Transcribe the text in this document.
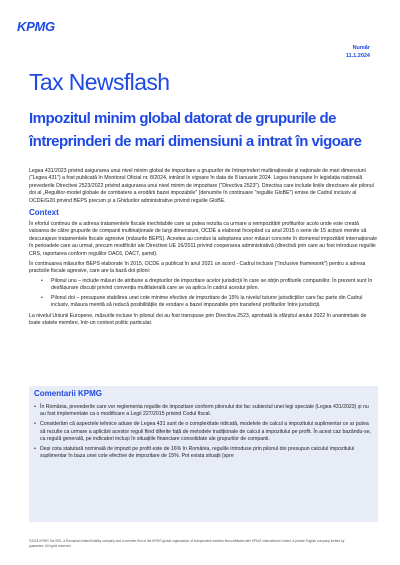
KPMG
Număr
11.1.2024
Tax Newsflash
Impozitul minim global datorat de grupurile de întreprinderi de mari dimensiuni a intrat în vigoare

Legea 431/2023 privind asigurarea unui nivel minim global de impozitare a grupurilor de întreprinderi multinaționale și naționale de mari dimensiuni ("Legea 431") a fost publicată în Monitorul Oficial nr. 8/2024, intrând în vigoare în data de 8 ianuarie 2024. Legea transpune în legislația națională prevederile Directivei 2523/2022 privind asigurarea unui nivel minim de impozitare ("Directiva 2523"). Directiva care include liniile directoare ale pilonul doi al „Regulilor-model globale de combatere a erodării bazei impozabile" (denumite în continuare "regulile GloBE") emise de Cadrul inclusiv al OCDE/G20 privind BEPS precum și a Ghidurilor administrative privind regulile GloBE.

Context

În efortul continuu de a adresa tratamentele fiscale inechitabile care ar putea rezulta ca urmare a reimpozitării profiturilor acolo unde este creată valoarea de către grupurile de companii multinaționale de largi dimensiuni, OCDE a elaborat începând cu anul 2015 o serie de 15 acțiuni menite să descurajeze tratamentele fiscale agresive (măsurile BEPS). Acestea au condus la adoptarea unor măsuri concrete în domeniul impozitării internaționale în perioadele care au urmat, precum modificări ale Directivei UE 16/2011 privind cooperarea administrativă (directivă prin care au fost introduse regulile CRS, raportarea conform regulilor DAC6, DAC7, șamd).

În continuarea măsurilor BEPS elaborate în 2015, OCDE a publicat în anul 2021 un acord - Cadrul inclusiv ("Inclusive framework") pentru a adresa practicile fiscale agresive, care are la bază doi piloni:

• Pilonul unu – include măsuri de atribuire a drepturilor de impozitare acelor jurisdicții în care se obțin profiturile companiilor. În prezent sunt în desfășurare discuții privind convenția multilaterală care se va aplica în cadrul acestui pilon.
• Pilonul doi – presupune stabilirea unei cote minime efective de impozitare de 15% la nivelul tuturor jurisdicțiilor care fac parte din Cadrul inclusiv, măsura menită să reducă posibilitățile de erodare a bazei impozabile prin transferul profiturilor între jurisdicții.

La nivelul Uniunii Europene, măsurile incluse în pilonul doi au fost transpuse prin Directiva 2523, aprobată la sfârșitul anului 2022 în unanimitate de toate statele membre, într-un context politic particular.

Comentarii KPMG
• În România, prevederile care vor reglementa regulile de impozitare conform pilonului doi fac subiectul unei legi speciale (Legea 431/2023) și nu au fost implementate ca o modificare a Legii 227/2015 privind Codul fiscal.
• Considerăm că aspectele tehnice aduse de Legea 431 sunt de o complexitate ridicată, modelele de calcul a impozitului suplimentar ce ar putea să rezulte ca urmare a aplicării acestor reguli fiind diferite față de metodele tradiționale de calcul a impozitului pe profit. În acest caz bazându-se, ca regulă generală, pe indicatori incluși în situațiile financiare consolidate ale grupurilor de companii.
• Deși cota statutară nominală de impozit pe profit este de 16% în România, regulile introduse prin pilonul doi presupun calculul impozitului suplimentar în baza unei cote efective de impozitare de 15%. Pot exista situații (spre
©2024 KPMG Tax SRL, a Romanian limited liability company and a member firm of the KPMG global organization of independent member firms affiliated with KPMG International Limited, a private English company limited by guarantee. All rights reserved.
